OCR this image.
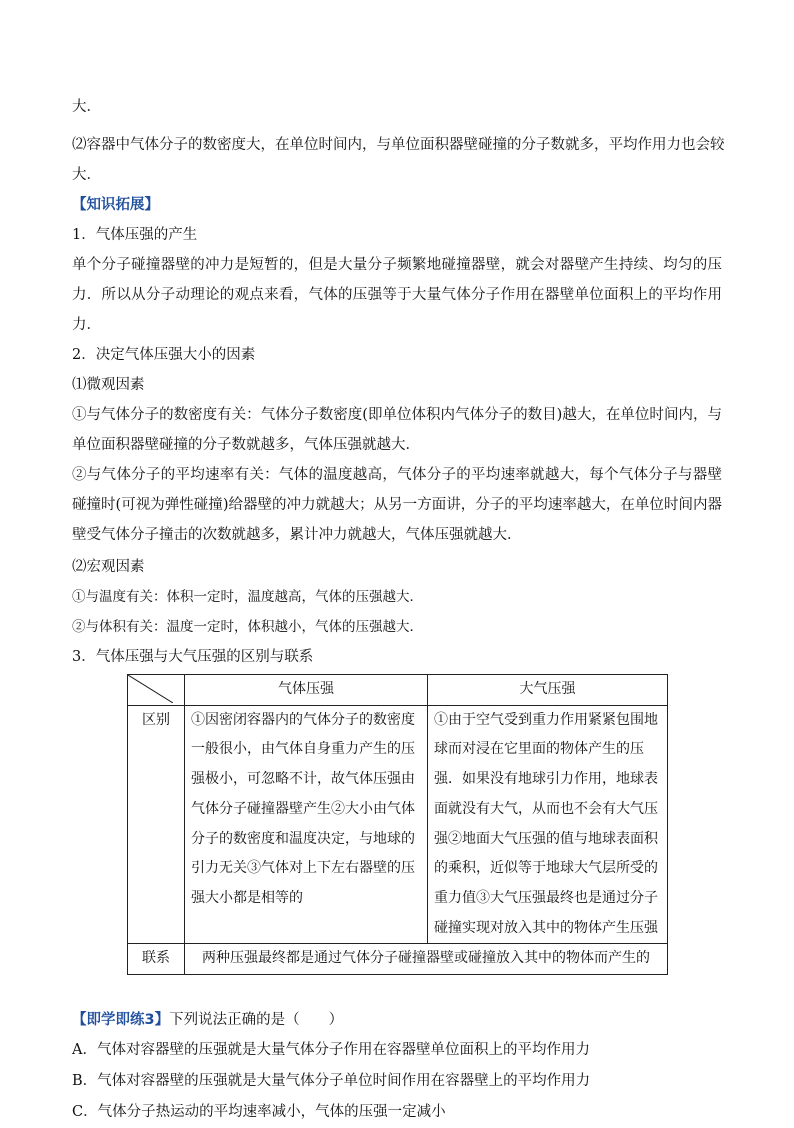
大．
⑵容器中气体分子的数密度大，在单位时间内，与单位面积器壁碰撞的分子数就多，平均作用力也会较
大．
【知识拓展】
1．气体压强的产生
单个分子碰撞器壁的冲力是短暂的，但是大量分子频繁地碰撞器壁，就会对器壁产生持续、均匀的压力．所以从分子动理论的观点来看，气体的压强等于大量气体分子作用在器壁单位面积上的平均作用力．
2．决定气体压强大小的因素
⑴微观因素
①与气体分子的数密度有关：气体分子数密度(即单位体积内气体分子的数目)越大，在单位时间内，与单位面积器壁碰撞的分子数就越多，气体压强就越大．
②与气体分子的平均速率有关：气体的温度越高，气体分子的平均速率就越大，每个气体分子与器壁碰撞时(可视为弹性碰撞)给器壁的冲力就越大；从另一方面讲，分子的平均速率越大，在单位时间内器壁受气体分子撞击的次数就越多，累计冲力就越大，气体压强就越大．
⑵宏观因素
①与温度有关：体积一定时，温度越高，气体的压强越大．
②与体积有关：温度一定时，体积越小，气体的压强越大．
3．气体压强与大气压强的区别与联系
	气体压强	大气压强
区别	①因密闭容器内的气体分子的数密度一般很小，由气体自身重力产生的压强极小，可忽略不计，故气体压强由气体分子碰撞器壁产生②大小由气体分子的数密度和温度决定，与地球的引力无关③气体对上下左右器壁的压强大小都是相等的	①由于空气受到重力作用紧紧包围地球而对浸在它里面的物体产生的压强．如果没有地球引力作用，地球表面就没有大气，从而也不会有大气压强②地面大气压强的值与地球表面积的乘积，近似等于地球大气层所受的重力值③大气压强最终也是通过分子碰撞实现对放入其中的物体产生压强
联系	两种压强最终都是通过气体分子碰撞器壁或碰撞放入其中的物体而产生的	
【即学即练3】下列说法正确的是（　　）
A．气体对容器壁的压强就是大量气体分子作用在容器壁单位面积上的平均作用力
B．气体对容器壁的压强就是大量气体分子单位时间作用在容器壁上的平均作用力
C．气体分子热运动的平均速率减小，气体的压强一定减小
